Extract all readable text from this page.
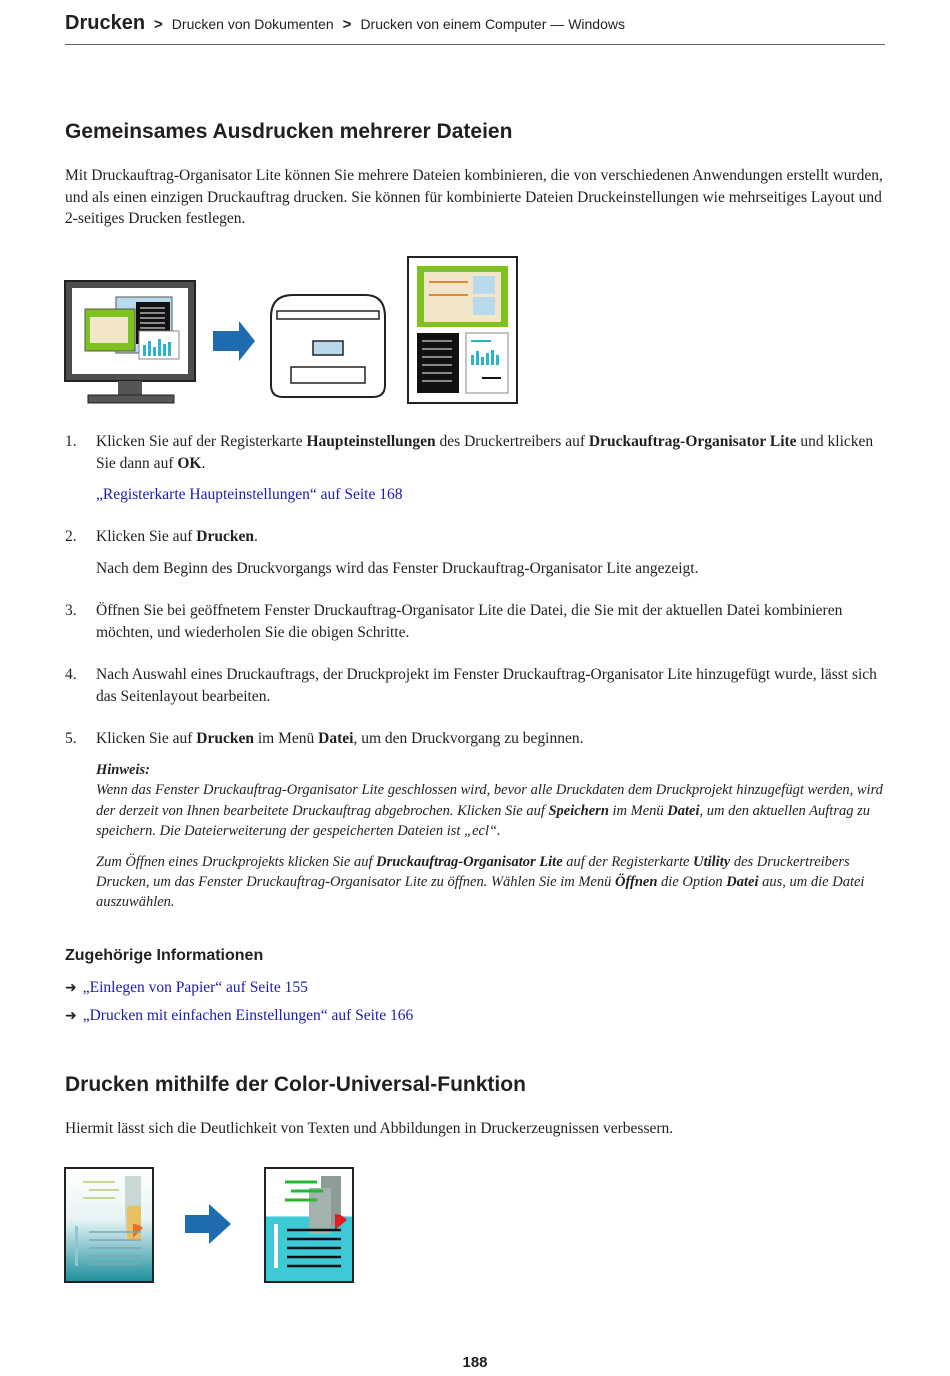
Drucken > Drucken von Dokumenten > Drucken von einem Computer — Windows
Gemeinsames Ausdrucken mehrerer Dateien

Mit Druckauftrag-Organisator Lite können Sie mehrere Dateien kombinieren, die von verschiedenen Anwendungen erstellt wurden, und als einen einzigen Druckauftrag drucken. Sie können für kombinierte Dateien Druckeinstellungen wie mehrseitiges Layout und 2-seitiges Drucken festlegen.

1. Klicken Sie auf der Registerkarte Haupteinstellungen des Druckertreibers auf Druckauftrag-Organisator Lite und klicken Sie dann auf OK.

„Registerkarte Haupteinstellungen“ auf Seite 168
2. Klicken Sie auf Drucken.

Nach dem Beginn des Druckvorgangs wird das Fenster Druckauftrag-Organisator Lite angezeigt.

3. Öffnen Sie bei geöffnetem Fenster Druckauftrag-Organisator Lite die Datei, die Sie mit der aktuellen Datei kombinieren möchten, und wiederholen Sie die obigen Schritte.

4. Nach Auswahl eines Druckauftrags, der Druckprojekt im Fenster Druckauftrag-Organisator Lite hinzugefügt wurde, lässt sich das Seitenlayout bearbeiten.

5. Klicken Sie auf Drucken im Menü Datei, um den Druckvorgang zu beginnen.

Hinweis:

Wenn das Fenster Druckauftrag-Organisator Lite geschlossen wird, bevor alle Druckdaten dem Druckprojekt hinzugefügt werden, wird der derzeit von Ihnen bearbeitete Druckauftrag abgebrochen. Klicken Sie auf Speichern im Menü Datei, um den aktuellen Auftrag zu speichern. Die Dateierweiterung der gespeicherten Dateien ist „ecl“.

Zum Öffnen eines Druckprojekts klicken Sie auf Druckauftrag-Organisator Lite auf der Registerkarte Utility des Druckertreibers Drucken, um das Fenster Druckauftrag-Organisator Lite zu öffnen. Wählen Sie im Menü Öffnen die Option Datei aus, um die Datei auszuwählen.

Zugehörige Informationen
➜ „Einlegen von Papier“ auf Seite 155
➜ „Drucken mit einfachen Einstellungen“ auf Seite 166
Drucken mithilfe der Color-Universal-Funktion

Hiermit lässt sich die Deutlichkeit von Texten und Abbildungen in Druckerzeugnissen verbessern.

188
